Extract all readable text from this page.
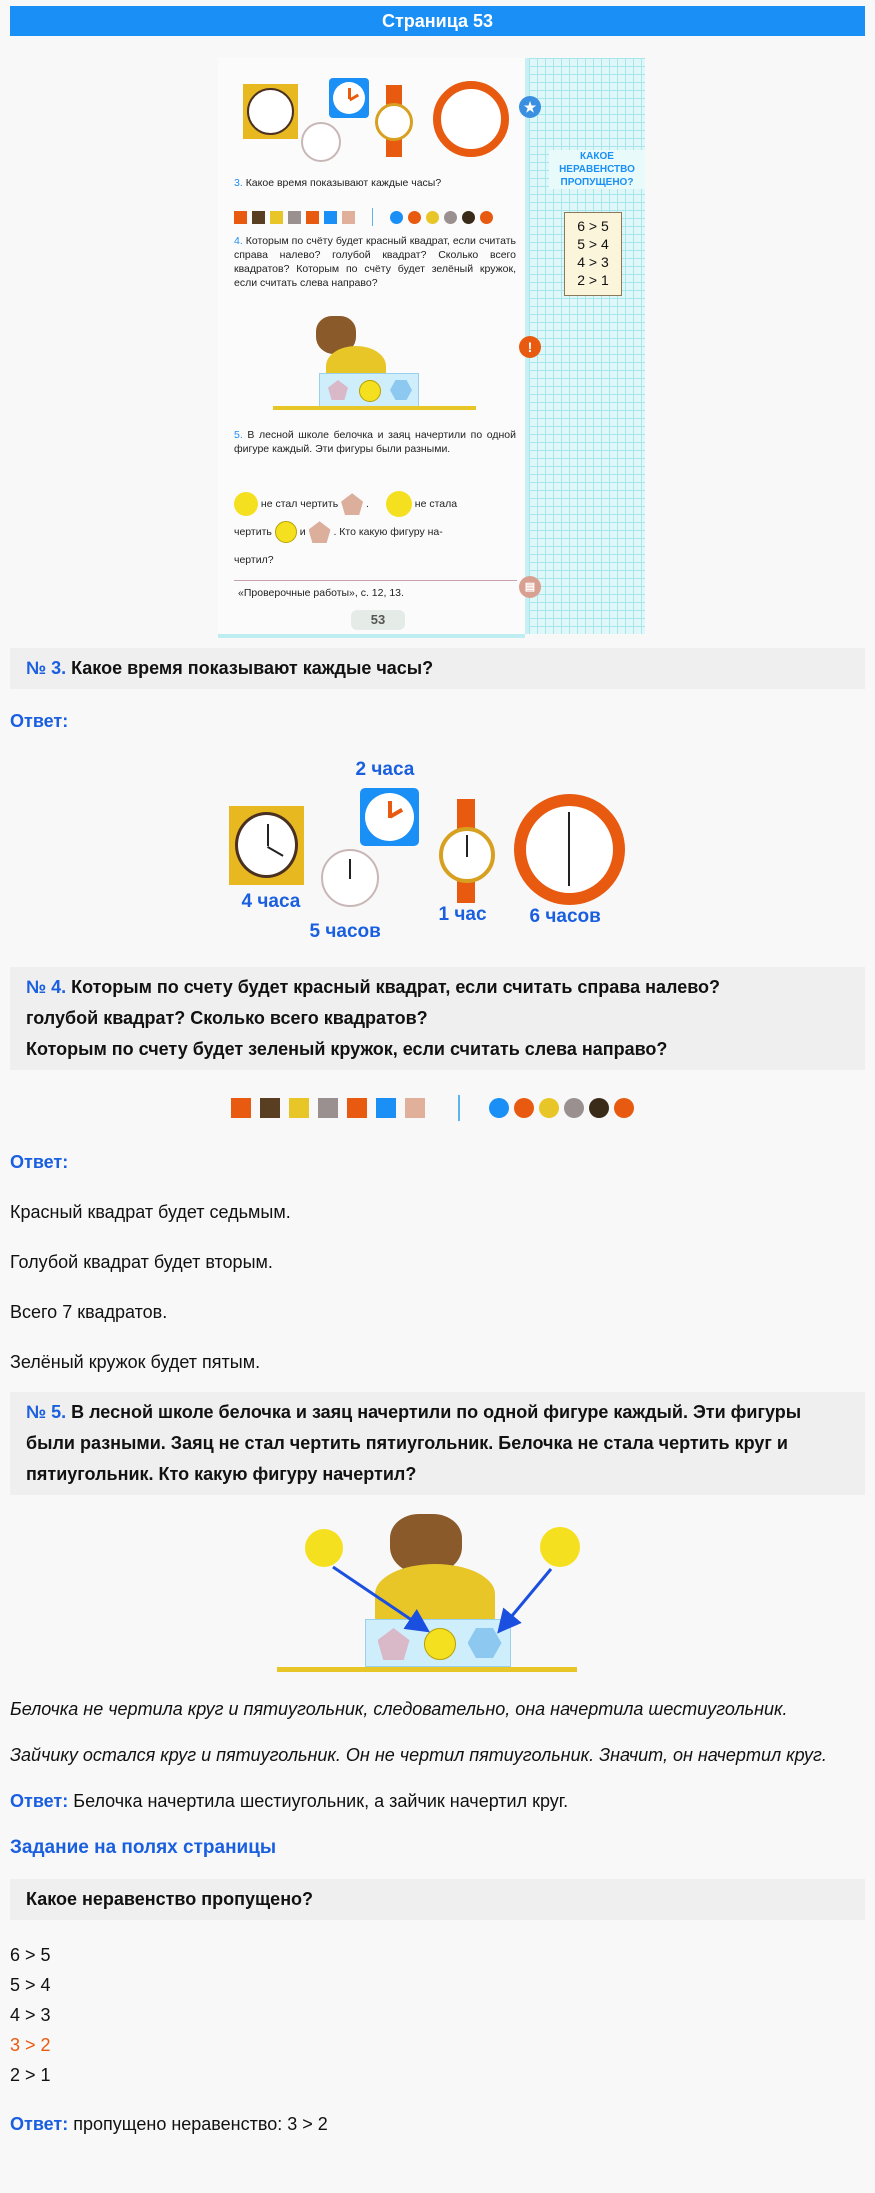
Страница 53
3. Какое время показывают каждые часы?
4. Которым по счёту будет красный квадрат, если считать справа налево? голубой квадрат? Сколько всего квадратов? Которым по счёту будет зелёный кружок, если считать слева направо?
5. В лесной школе белочка и заяц начертили по одной фигуре каждый. Эти фигуры были разными.
не стал чертить  .	не стала
чертить	и	. Кто какую фигуру на-
чертил?
«Проверочные работы», с. 12, 13.
53
★
КАКОЕ НЕРАВЕНСТВО ПРОПУЩЕНО?
6 > 5
5 > 4
4 > 3
2 > 1
!
▤
№ 3. Какое время показывают каждые часы?

Ответ:

4 часа
5 часов
2 часа
1 час 6 часов
№ 4. Которым по счету будет красный квадрат, если считать справа налево?
голубой квадрат? Сколько всего квадратов?
Которым по счету будет зеленый кружок, если считать слева направо?

Ответ:

Красный квадрат будет седьмым.

Голубой квадрат будет вторым.

Всего 7 квадратов.

Зелёный кружок будет пятым.

№ 5. В лесной школе белочка и заяц начертили по одной фигуре каждый. Эти фигуры были разными. Заяц не стал чертить пятиугольник. Белочка не стала чертить круг и пятиугольник. Кто какую фигуру начертил?

Белочка не чертила круг и пятиугольник, следовательно, она начертила шестиугольник.

Зайчику остался круг и пятиугольник. Он не чертил пятиугольник. Значит, он начертил круг.

Ответ: Белочка начертила шестиугольник, а зайчик начертил круг.

Задание на полях страницы

Какое неравенство пропущено?

6 > 5

5 > 4

4 > 3

3 > 2

2 > 1

Ответ: пропущено неравенство: 3 > 2
